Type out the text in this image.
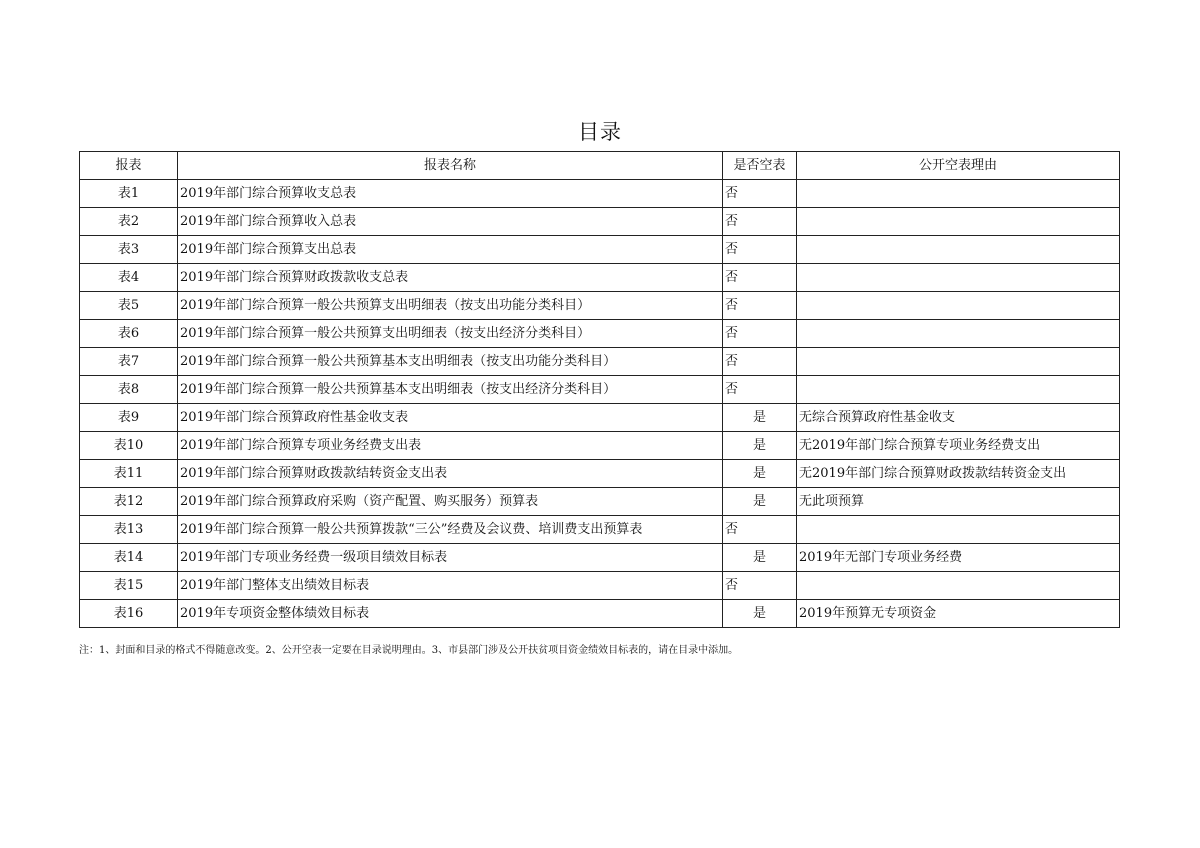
目录
报表	报表名称	是否空表	公开空表理由
表1	2019年部门综合预算收支总表	否	
表2	2019年部门综合预算收入总表	否	
表3	2019年部门综合预算支出总表	否	
表4	2019年部门综合预算财政拨款收支总表	否	
表5	2019年部门综合预算一般公共预算支出明细表（按支出功能分类科目）	否	
表6	2019年部门综合预算一般公共预算支出明细表（按支出经济分类科目）	否	
表7	2019年部门综合预算一般公共预算基本支出明细表（按支出功能分类科目）	否	
表8	2019年部门综合预算一般公共预算基本支出明细表（按支出经济分类科目）	否	
表9	2019年部门综合预算政府性基金收支表	是	无综合预算政府性基金收支
表10	2019年部门综合预算专项业务经费支出表	是	无2019年部门综合预算专项业务经费支出
表11	2019年部门综合预算财政拨款结转资金支出表	是	无2019年部门综合预算财政拨款结转资金支出
表12	2019年部门综合预算政府采购（资产配置、购买服务）预算表	是	无此项预算
表13	2019年部门综合预算一般公共预算拨款“三公”经费及会议费、培训费支出预算表	否	
表14	2019年部门专项业务经费一级项目绩效目标表	是	2019年无部门专项业务经费
表15	2019年部门整体支出绩效目标表	否	
表16	2019年专项资金整体绩效目标表	是	2019年预算无专项资金
注：1、封面和目录的格式不得随意改变。2、公开空表一定要在目录说明理由。3、市县部门涉及公开扶贫项目资金绩效目标表的，请在目录中添加。
